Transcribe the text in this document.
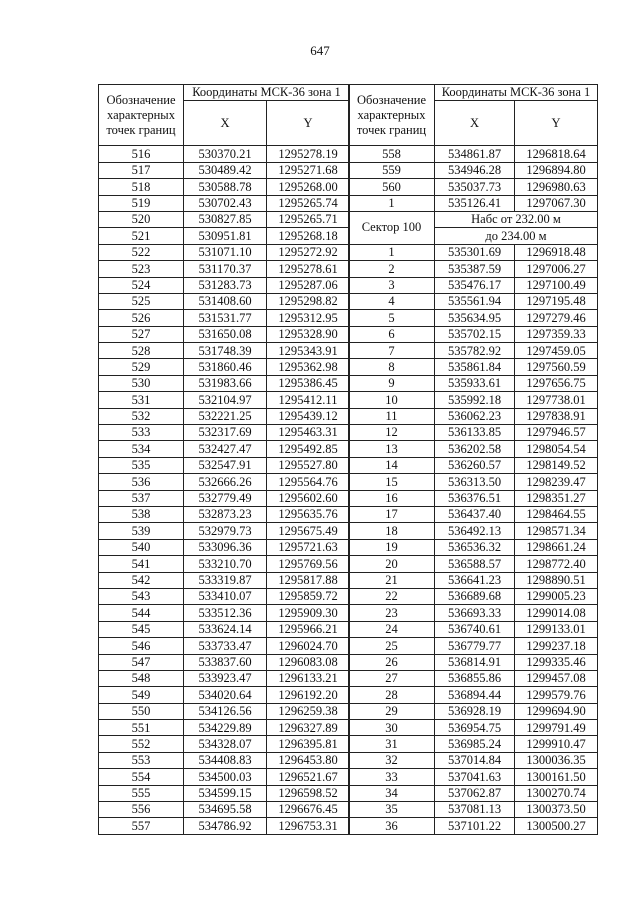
647
Обозначение характерных точек границ	Координаты МСК-36 зона 1	
	X	Y
516	530370.21	1295278.19
517	530489.42	1295271.68
518	530588.78	1295268.00
519	530702.43	1295265.74
520	530827.85	1295265.71
521	530951.81	1295268.18
522	531071.10	1295272.92
523	531170.37	1295278.61
524	531283.73	1295287.06
525	531408.60	1295298.82
526	531531.77	1295312.95
527	531650.08	1295328.90
528	531748.39	1295343.91
529	531860.46	1295362.98
530	531983.66	1295386.45
531	532104.97	1295412.11
532	532221.25	1295439.12
533	532317.69	1295463.31
534	532427.47	1295492.85
535	532547.91	1295527.80
536	532666.26	1295564.76
537	532779.49	1295602.60
538	532873.23	1295635.76
539	532979.73	1295675.49
540	533096.36	1295721.63
541	533210.70	1295769.56
542	533319.87	1295817.88
543	533410.07	1295859.72
544	533512.36	1295909.30
545	533624.14	1295966.21
546	533733.47	1296024.70
547	533837.60	1296083.08
548	533923.47	1296133.21
549	534020.64	1296192.20
550	534126.56	1296259.38
551	534229.89	1296327.89
552	534328.07	1296395.81
553	534408.83	1296453.80
554	534500.03	1296521.67
555	534599.15	1296598.52
556	534695.58	1296676.45
557	534786.92	1296753.31
Обозначение характерных точек границ	Координаты МСК-36 зона 1	
	X	Y
558	534861.87	1296818.64
559	534946.28	1296894.80
560	535037.73	1296980.63
1	535126.41	1297067.30
Сектор 100	Набс от 232.00 м	
	до 234.00 м	
1	535301.69	1296918.48
2	535387.59	1297006.27
3	535476.17	1297100.49
4	535561.94	1297195.48
5	535634.95	1297279.46
6	535702.15	1297359.33
7	535782.92	1297459.05
8	535861.84	1297560.59
9	535933.61	1297656.75
10	535992.18	1297738.01
11	536062.23	1297838.91
12	536133.85	1297946.57
13	536202.58	1298054.54
14	536260.57	1298149.52
15	536313.50	1298239.47
16	536376.51	1298351.27
17	536437.40	1298464.55
18	536492.13	1298571.34
19	536536.32	1298661.24
20	536588.57	1298772.40
21	536641.23	1298890.51
22	536689.68	1299005.23
23	536693.33	1299014.08
24	536740.61	1299133.01
25	536779.77	1299237.18
26	536814.91	1299335.46
27	536855.86	1299457.08
28	536894.44	1299579.76
29	536928.19	1299694.90
30	536954.75	1299791.49
31	536985.24	1299910.47
32	537014.84	1300036.35
33	537041.63	1300161.50
34	537062.87	1300270.74
35	537081.13	1300373.50
36	537101.22	1300500.27
